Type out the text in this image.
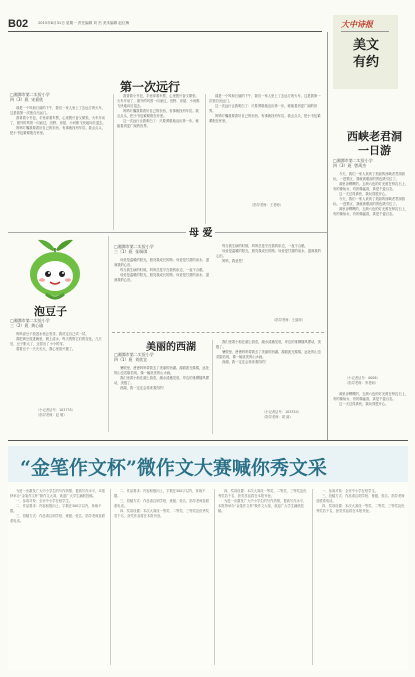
B02	2015年8月31日 星期一 责任编辑 刘 杰 美术编辑 赵红梅	大中诗报
美文
有约
第一次远行
□湘潭市第二实验小学
四（3）班  宋嘉欣

那是一个风和日丽的下午，我们一家人坐上了去远方的火车，这是我第一次独自出远门。

我背着小书包，手里拿着车票，心里既兴奋又紧张。火车开动了，窗外的风景一闪而过，田野、房屋、小河都飞快地向后退去。

妈妈叮嘱我要看好自己的东西，有事就找列车员。我点点头，把小书包紧紧抱在怀里。

我背着小书包，手里拿着车票，心里既兴奋又紧张。火车开动了，窗外的风景一闪而过，田野、房屋、小河都飞快地向后退去。

妈妈叮嘱我要看好自己的东西，有事就找列车员。我点点头，把小书包紧紧抱在怀里。

这一次远行让我明白了：只要勇敢地迈出第一步，就能看到更广阔的世界。

那是一个风和日丽的下午，我们一家人坐上了去远方的火车，这是我第一次独自出远门。

这一次远行让我明白了：只要勇敢地迈出第一步，就能看到更广阔的世界。

妈妈叮嘱我要看好自己的东西，有事就找列车员。我点点头，把小书包紧紧抱在怀里。

（指导老师：王老师）
西峡老君洞
一日游
□湘潭市第二实验小学
四（3）班  曾禹杰

今天，我们一家人来到了美丽的西峡老君洞游玩。一进景区，我就被眼前的景色吸引住了。

洞里凉飕飕的，五颜六色的灯光照在钟乳石上，有的像仙女，有的像猛兽，真是千姿百态。

这一天过得真快，我玩得很开心。

今天，我们一家人来到了美丽的西峡老君洞游玩。一进景区，我就被眼前的景色吸引住了。

洞里凉飕飕的，五颜六色的灯光照在钟乳石上，有的像仙女，有的像猛兽，真是千姿百态。

（小记者证号：0006）
（指导老师：李老师）

洞里凉飕飕的，五颜六色的灯光照在钟乳石上，有的像仙女，有的像猛兽，真是千姿百态。

这一天过得真快，我玩得很开心。

泡豆子
□湘潭市第二实验小学
三（2）班  黄心瑜

妈妈说豆子放进水里会发芽，我决定自己试一试。

我把黄豆放进碗里，倒上清水，每天观察它们的变化。几天后，豆子胀大了，还冒出了小小的芽。

看着豆子一天天长大，我心里高兴极了。

（小记者证号：103735）
（指导老师：赵 敏）
母 爱
□湘潭市第二实验小学
三（1）班  张瑞琪

母爱是温暖的阳光，照亮我成长的路；母爱是甘甜的泉水，滋润我的心田。

每当我生病的时候，妈妈总是守在我的床边，一夜不合眼。

母爱是温暖的阳光，照亮我成长的路；母爱是甘甜的泉水，滋润我的心田。

每当我生病的时候，妈妈总是守在我的床边，一夜不合眼。

母爱是温暖的阳光，照亮我成长的路；母爱是甘甜的泉水，滋润我的心田。

妈妈，我爱您！

（指导老师：王丽萍）
美丽的西湖
□湘潭市第二实验小学
四（1）班  刘欣宜

暑假里，爸爸妈妈带我去了美丽的西湖。湖面波光粼粼，远处的山峦若隐若现，像一幅优美的山水画。

我们坐着小船在湖上游览，湖水清澈见底，岸边的垂柳随风摆动，美极了。

西湖，我一定还会再来看你的！

我们坐着小船在湖上游览，湖水清澈见底，岸边的垂柳随风摆动，美极了。

暑假里，爸爸妈妈带我去了美丽的西湖。湖面波光粼粼，远处的山峦若隐若现，像一幅优美的山水画。

西湖，我一定还会再来看你的！

（小记者证号：103354）
（指导老师：周 丽）
“金笔作文杯”微作文大赛喊你秀文采

为进一步激发广大中小学生的写作热情，提高写作水平，本报特举办“金笔作文杯”微作文大赛，欢迎广大学生踊跃投稿。

一、参赛对象：全市中小学在校学生。

二、作品要求：内容积极向上，字数在300字以内，体裁不限。

三、投稿方式：作品请注明学校、班级、姓名、指导老师及联系电话。

二、作品要求：内容积极向上，字数在300字以内，体裁不限。

三、投稿方式：作品请注明学校、班级、姓名、指导老师及联系电话。

四、奖项设置：本次大赛设一等奖、二等奖、三等奖及优秀奖若干名，获奖作品将在本报刊登。

四、奖项设置：本次大赛设一等奖、二等奖、三等奖及优秀奖若干名，获奖作品将在本报刊登。

为进一步激发广大中小学生的写作热情，提高写作水平，本报特举办“金笔作文杯”微作文大赛，欢迎广大学生踊跃投稿。

一、参赛对象：全市中小学在校学生。

三、投稿方式：作品请注明学校、班级、姓名、指导老师及联系电话。

四、奖项设置：本次大赛设一等奖、二等奖、三等奖及优秀奖若干名，获奖作品将在本报刊登。
